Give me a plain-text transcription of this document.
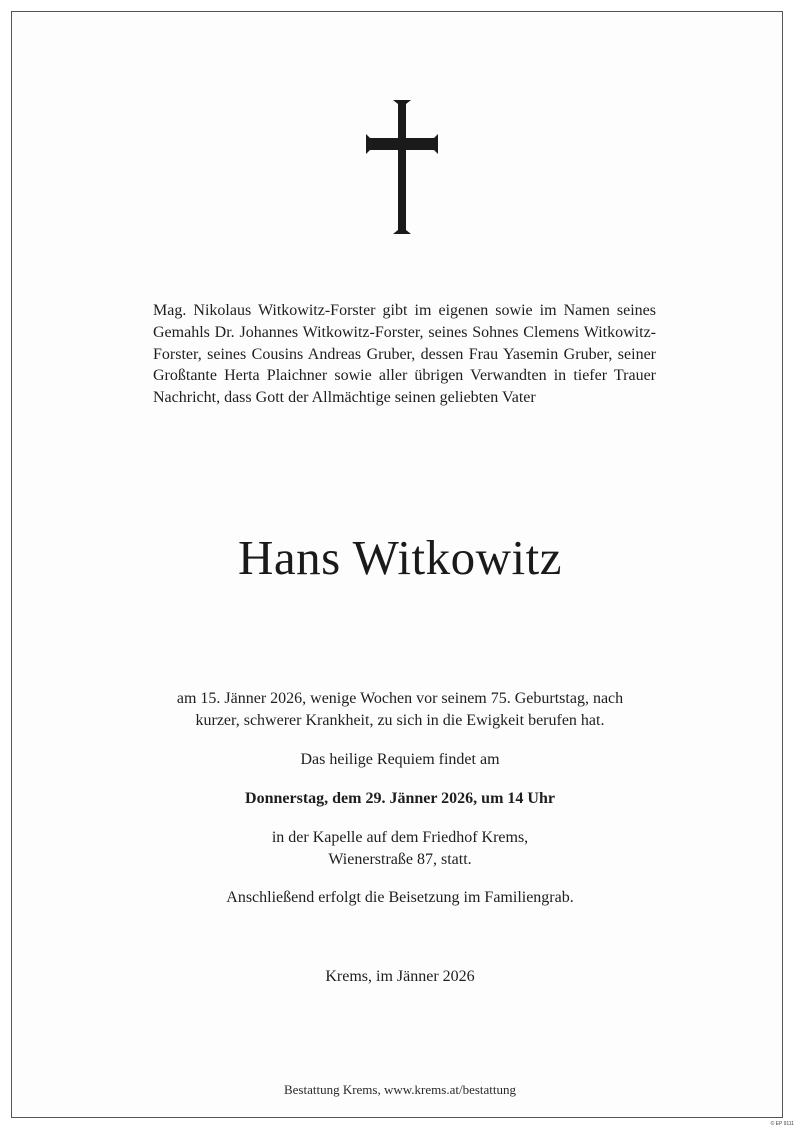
Mag. Nikolaus Witkowitz-Forster gibt im eigenen sowie im Namen seines Gemahls Dr. Johannes Witkowitz-Forster, seines Sohnes Clemens Witkowitz-Forster, seines Cousins Andreas Gruber, dessen Frau Yasemin Gruber, seiner Großtante Herta Plaichner sowie aller übrigen Verwandten in tiefer Trauer Nachricht, dass Gott der Allmächtige seinen geliebten Vater

Hans Witkowitz
am 15. Jänner 2026, wenige Wochen vor seinem 75. Geburtstag, nach
kurzer, schwerer Krankheit, zu sich in die Ewigkeit berufen hat.
Das heilige Requiem findet am
Donnerstag, dem 29. Jänner 2026, um 14 Uhr
in der Kapelle auf dem Friedhof Krems,
Wienerstraße 87, statt.
Anschließend erfolgt die Beisetzung im Familiengrab.
Krems, im Jänner 2026
Bestattung Krems, www.krems.at/bestattung
© EP 9111
